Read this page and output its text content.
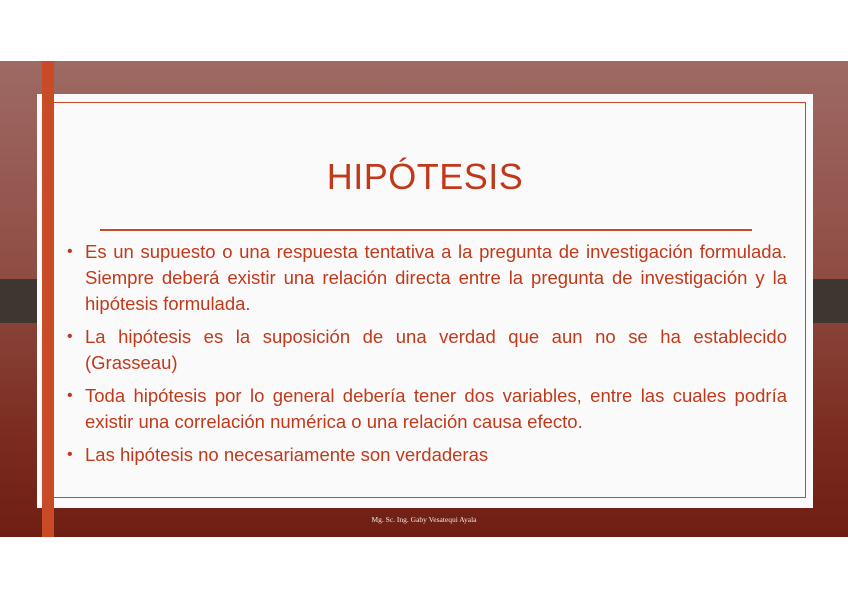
HIPÓTESIS
• Es un supuesto o una respuesta tentativa a la pregunta de investigación formulada. Siempre deberá existir una relación directa entre la pregunta de investigación y la hipótesis formulada.
• La hipótesis es la suposición de una verdad que aun no se ha establecido (Grasseau)
• Toda hipótesis por lo general debería tener dos variables, entre las cuales podría existir una correlación numérica o una relación causa efecto.
• Las hipótesis no necesariamente son verdaderas
Mg. Sc. Ing. Gaby Vesatequi Ayala
